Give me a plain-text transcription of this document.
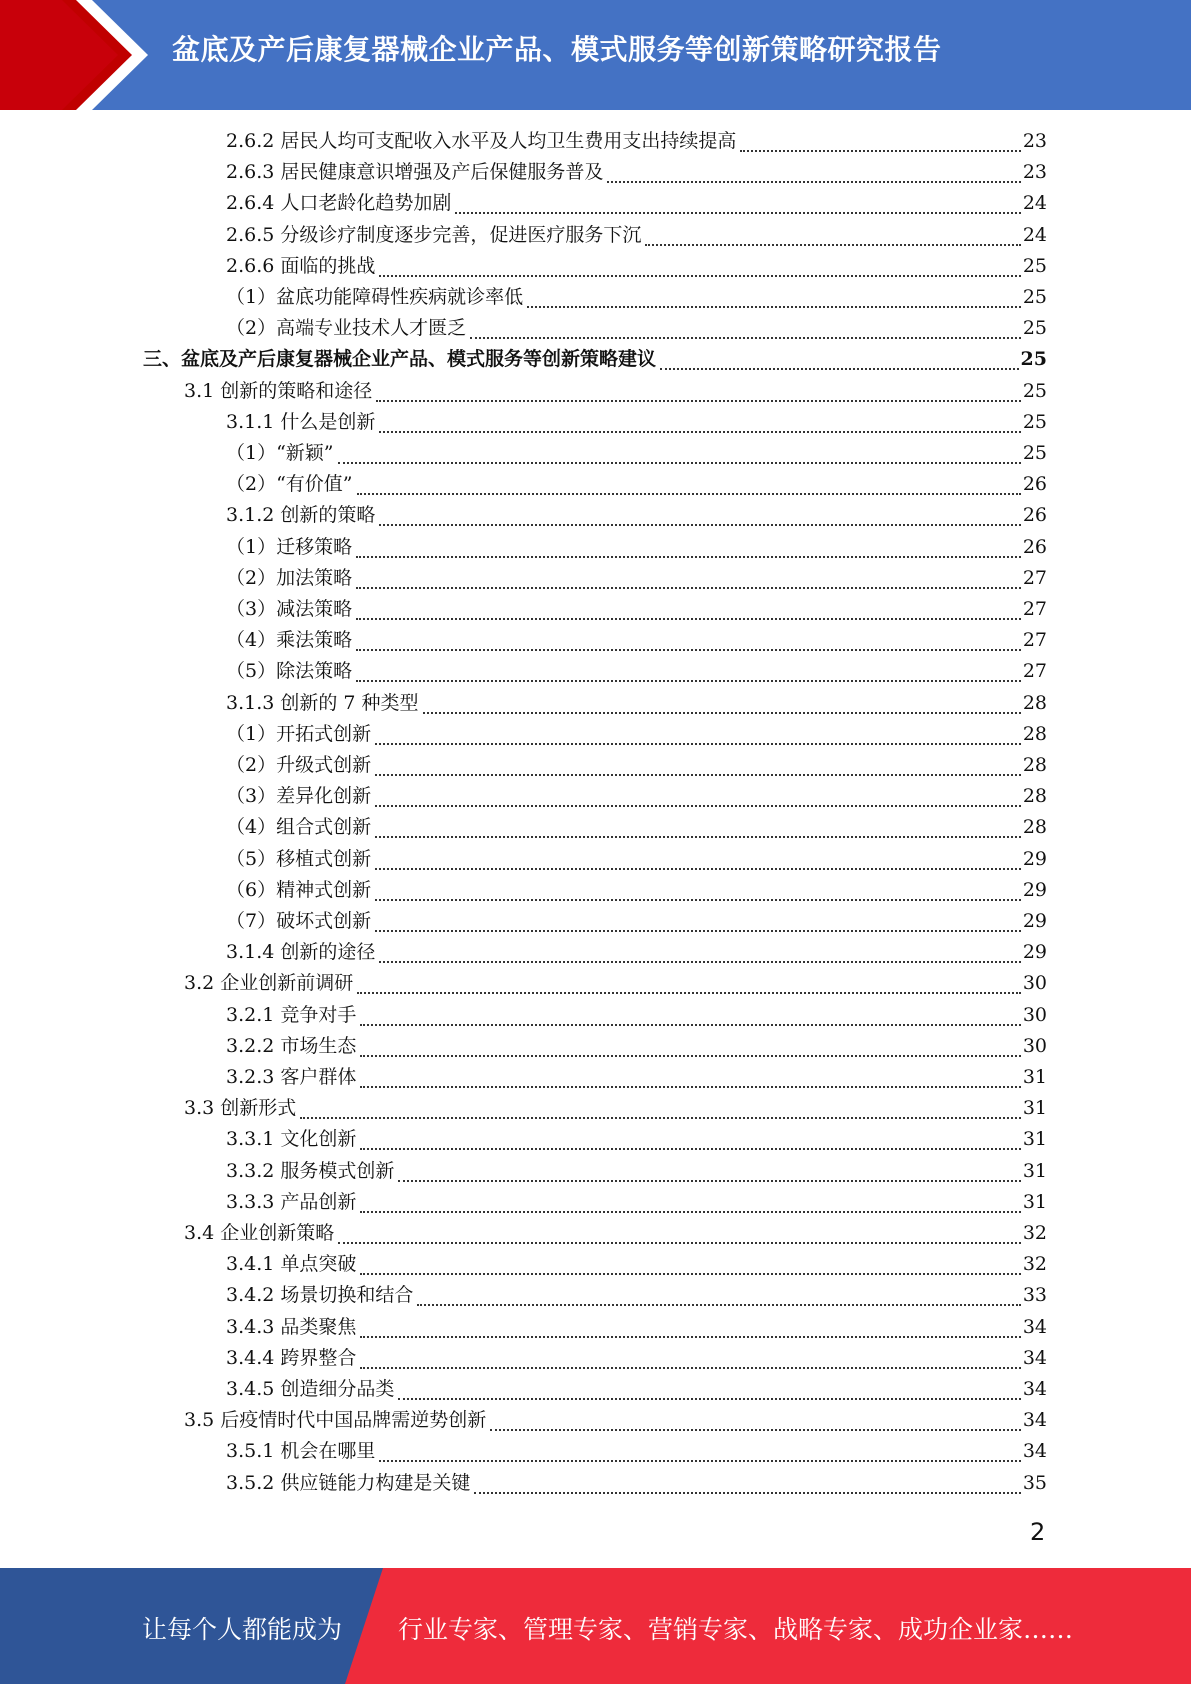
盆底及产后康复器械企业产品、模式服务等创新策略研究报告
2.6.2 居民人均可支配收入水平及人均卫生费用支出持续提高	23
2.6.3 居民健康意识增强及产后保健服务普及	23
2.6.4 人口老龄化趋势加剧	24
2.6.5 分级诊疗制度逐步完善，促进医疗服务下沉	24
2.6.6 面临的挑战	25
（1）盆底功能障碍性疾病就诊率低	25
（2）高端专业技术人才匮乏	25
三、盆底及产后康复器械企业产品、模式服务等创新策略建议	25
3.1 创新的策略和途径	25
3.1.1 什么是创新	25
（1）“新颖”	25
（2）“有价值”	26
3.1.2 创新的策略	26
（1）迁移策略	26
（2）加法策略	27
（3）减法策略	27
（4）乘法策略	27
（5）除法策略	27
3.1.3 创新的 7 种类型	28
（1）开拓式创新	28
（2）升级式创新	28
（3）差异化创新	28
（4）组合式创新	28
（5）移植式创新	29
（6）精神式创新	29
（7）破坏式创新	29
3.1.4 创新的途径	29
3.2 企业创新前调研	30
3.2.1 竞争对手	30
3.2.2 市场生态	30
3.2.3 客户群体	31
3.3 创新形式	31
3.3.1 文化创新	31
3.3.2 服务模式创新	31
3.3.3 产品创新	31
3.4 企业创新策略	32
3.4.1 单点突破	32
3.4.2 场景切换和结合	33
3.4.3 品类聚焦	34
3.4.4 跨界整合	34
3.4.5 创造细分品类	34
3.5 后疫情时代中国品牌需逆势创新	34
3.5.1 机会在哪里	34
3.5.2 供应链能力构建是关键	35
2
让每个人都能成为 行业专家、管理专家、营销专家、战略专家、成功企业家……
